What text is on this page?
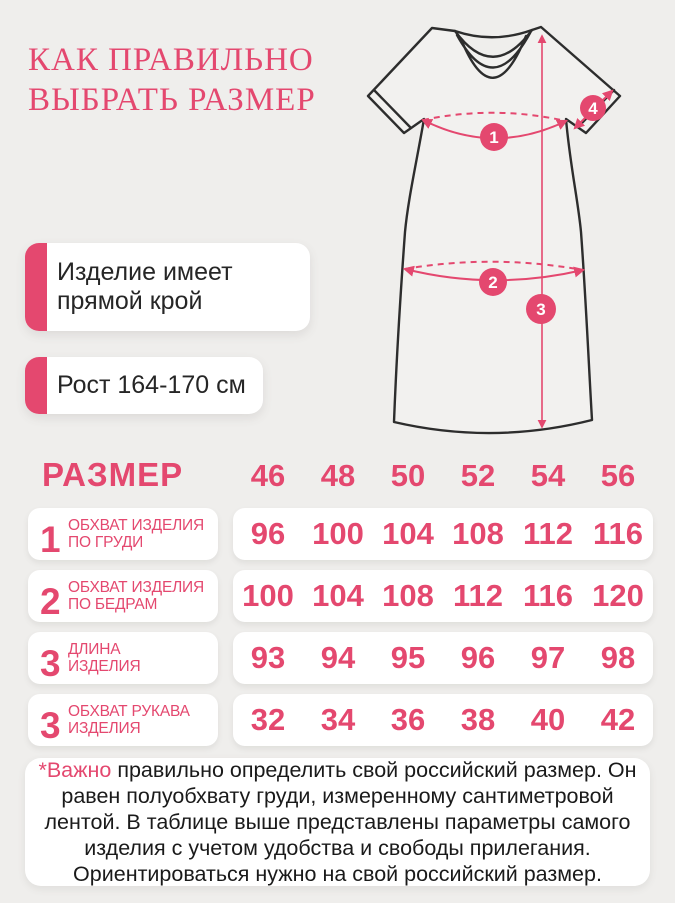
КАК ПРАВИЛЬНО
ВЫБРАТЬ РАЗМЕР
1
2
3
4
Изделие имеет
прямой крой
Рост 164-170 см
РАЗМЕР	46	48	50	52	54	56
1 ОБХВАТ ИЗДЕЛИЯ
ПО ГРУДИ	96 100 104 108 112 116
2 ОБХВАТ ИЗДЕЛИЯ
ПО БЕДРАМ	100 104 108 112 116 120
3 ДЛИНА
ИЗДЕЛИЯ	93	94	95	96	97	98
3 ОБХВАТ РУКАВА
ИЗДЕЛИЯ	32	34	36	38	40	42

*Важно правильно определить свой российский размер. Он равен полуобхвату груди, измеренному сантиметровой лентой. В таблице выше представлены параметры самого изделия с учетом удобства и свободы прилегания. Ориентироваться нужно на свой российский размер.
